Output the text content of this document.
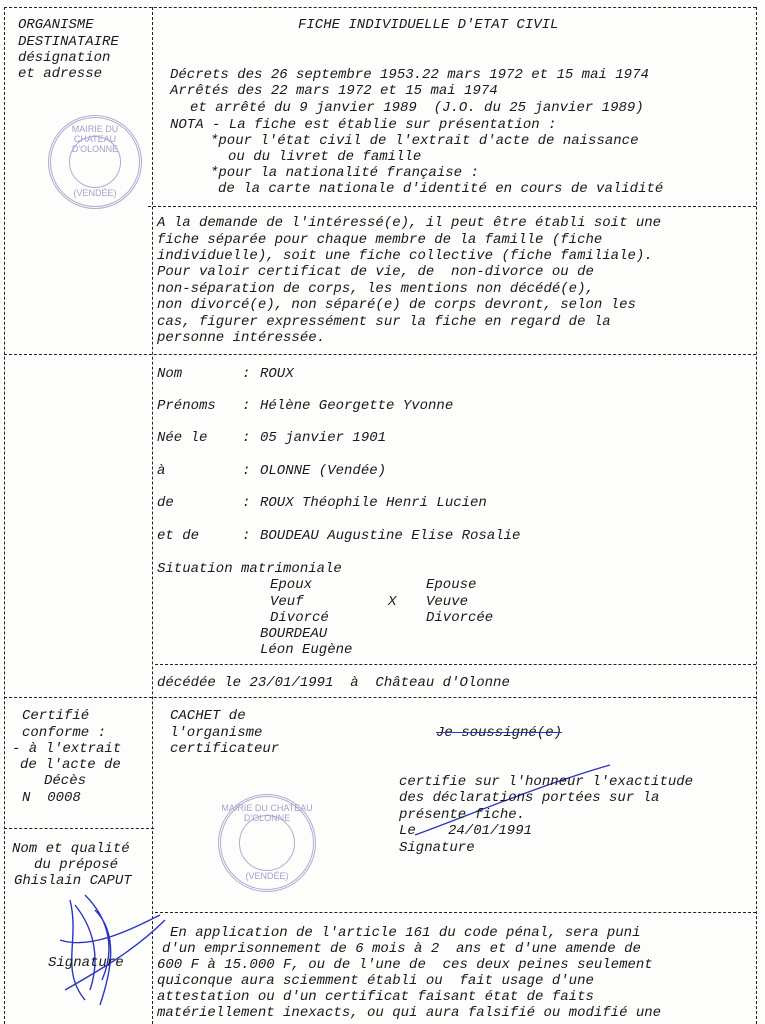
ORGANISME
DESTINATAIRE
désignation
et adresse
MAIRIE DU CHATEAU D'OLONNE
(VENDÉE)
Certifié
conforme :
- à l'extrait
de l'acte de
Décès
N  0008
Nom et qualité
du préposé
Ghislain CAPUT
Signature
FICHE INDIVIDUELLE D'ETAT CIVIL
Décrets des 26 septembre 1953.22 mars 1972 et 15 mai 1974
Arrêtés des 22 mars 1972 et 15 mai 1974
et arrêté du 9 janvier 1989  (J.O. du 25 janvier 1989)
NOTA - La fiche est établie sur présentation :
*pour l'état civil de l'extrait d'acte de naissance
ou du livret de famille
*pour la nationalité française :
de la carte nationale d'identité en cours de validité
A la demande de l'intéressé(e), il peut être établi soit une
fiche séparée pour chaque membre de la famille (fiche
individuelle), soit une fiche collective (fiche familiale).
Pour valoir certificat de vie, de  non-divorce ou de
non-séparation de corps, les mentions non décédé(e),
non divorcé(e), non séparé(e) de corps devront, selon les
cas, figurer expressément sur la fiche en regard de la
personne intéressée.
Nom	: ROUX
Prénoms : Hélène Georgette Yvonne
Née le : 05 janvier 1901
à	: OLONNE (Vendée)
de	: ROUX Théophile Henri Lucien
et de	: BOUDEAU Augustine Elise Rosalie
Situation matrimoniale
Epoux	Epouse
Veuf	X Veuve
Divorcé	Divorcée
BOURDEAU
Léon Eugène
décédée le 23/01/1991  à  Château d'Olonne
CACHET de
l'organisme
certificateur
Je soussigné(e)
certifie sur l'honneur l'exactitude
des déclarations portées sur la
présente fiche.
Le 24/01/1991
Signature
MAIRIE DU CHATEAU D'OLONNE
(VENDÉE)
En application de l'article 161 du code pénal, sera puni
d'un emprisonnement de 6 mois à 2  ans et d'une amende de
600 F à 15.000 F, ou de l'une de  ces deux peines seulement
quiconque aura sciemment établi ou  fait usage d'une
attestation ou d'un certificat faisant état de faits
matériellement inexacts, ou qui aura falsifié ou modifié une
